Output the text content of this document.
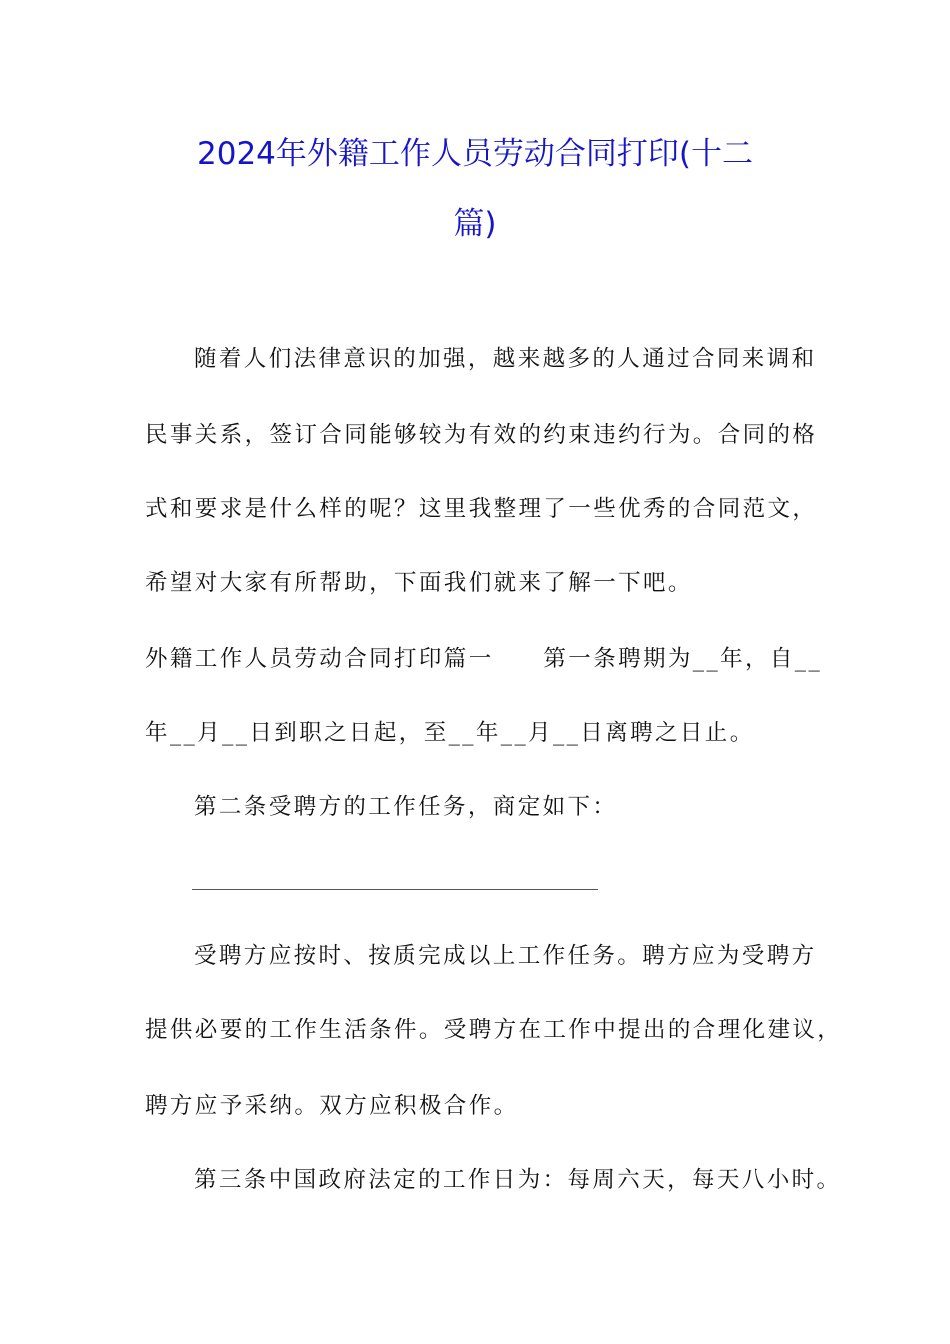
2024年外籍工作人员劳动合同打印(十二
篇)
随着人们法律意识的加强，越来越多的人通过合同来调和
民事关系，签订合同能够较为有效的约束违约行为。合同的格
式和要求是什么样的呢？这里我整理了一些优秀的合同范文，
希望对大家有所帮助，下面我们就来了解一下吧。
外籍工作人员劳动合同打印篇一　　第一条聘期为__年，自__
年__月__日到职之日起，至__年__月__日离聘之日止。
第二条受聘方的工作任务，商定如下：
受聘方应按时、按质完成以上工作任务。聘方应为受聘方
提供必要的工作生活条件。受聘方在工作中提出的合理化建议，
聘方应予采纳。双方应积极合作。
第三条中国政府法定的工作日为：每周六天，每天八小时。
